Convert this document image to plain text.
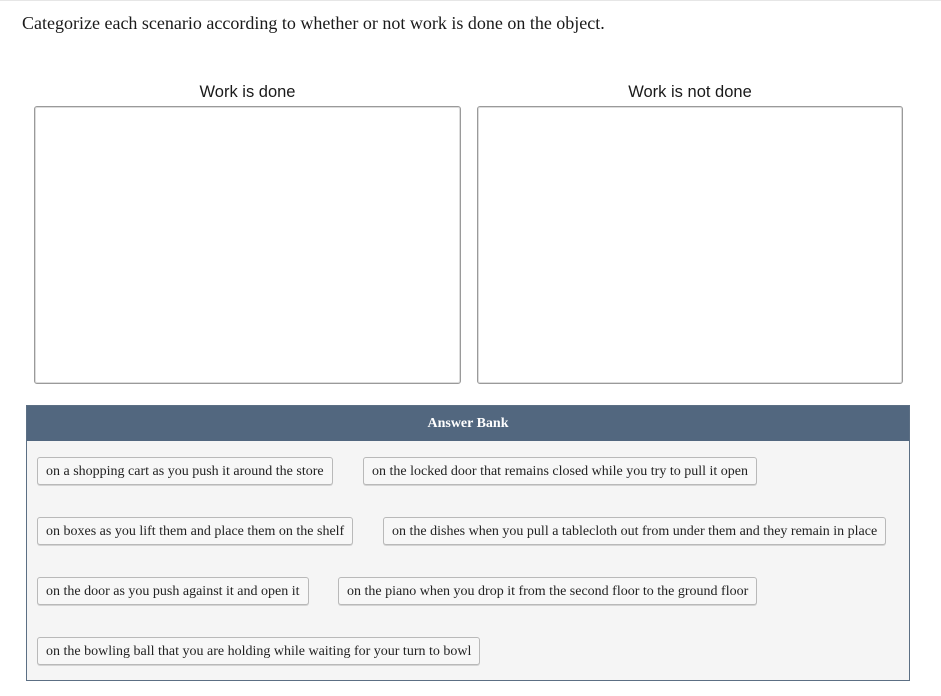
Categorize each scenario according to whether or not work is done on the object.
Work is done	Work is not done
Answer Bank
on a shopping cart as you push it around the store	on the locked door that remains closed while you try to pull it open
on boxes as you lift them and place them on the shelf	on the dishes when you pull a tablecloth out from under them and they remain in place
on the door as you push against it and open it	on the piano when you drop it from the second floor to the ground floor
on the bowling ball that you are holding while waiting for your turn to bowl
